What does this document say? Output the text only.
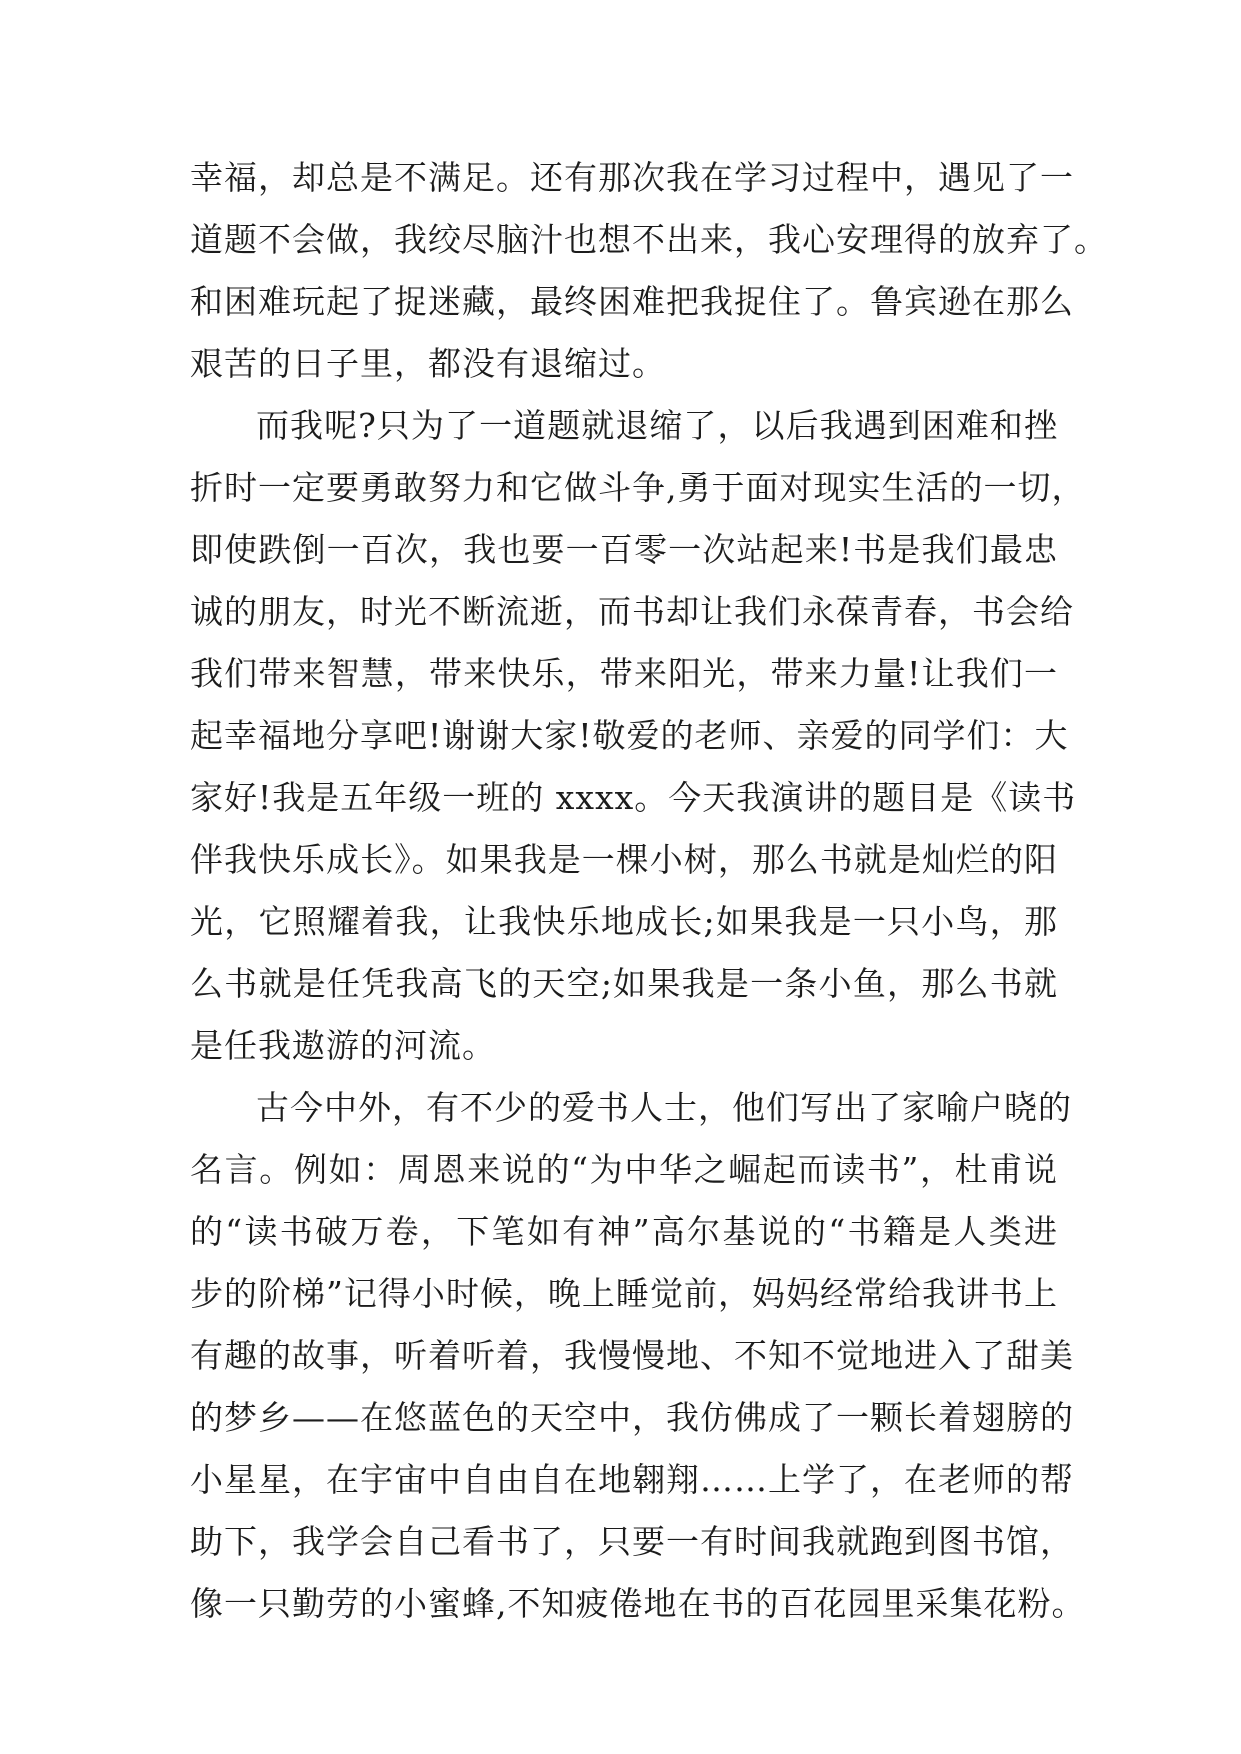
幸福，却总是不满足。还有那次我在学习过程中，遇见了一
道题不会做，我绞尽脑汁也想不出来，我心安理得的放弃了。
和困难玩起了捉迷藏，最终困难把我捉住了。鲁宾逊在那么
艰苦的日子里，都没有退缩过。
而我呢?只为了一道题就退缩了，以后我遇到困难和挫
折时一定要勇敢努力和它做斗争,勇于面对现实生活的一切，
即使跌倒一百次，我也要一百零一次站起来!书是我们最忠
诚的朋友，时光不断流逝，而书却让我们永葆青春，书会给
我们带来智慧，带来快乐，带来阳光，带来力量!让我们一
起幸福地分享吧!谢谢大家!敬爱的老师、亲爱的同学们：大
家好!我是五年级一班的 xxxx。今天我演讲的题目是《读书
伴我快乐成长》。如果我是一棵小树，那么书就是灿烂的阳
光，它照耀着我，让我快乐地成长;如果我是一只小鸟，那
么书就是任凭我高飞的天空;如果我是一条小鱼，那么书就
是任我遨游的河流。
古今中外，有不少的爱书人士，他们写出了家喻户晓的
名言。例如：周恩来说的“为中华之崛起而读书”，杜甫说
的“读书破万卷，下笔如有神”高尔基说的“书籍是人类进
步的阶梯”记得小时候，晚上睡觉前，妈妈经常给我讲书上
有趣的故事，听着听着，我慢慢地、不知不觉地进入了甜美
的梦乡——在悠蓝色的天空中，我仿佛成了一颗长着翅膀的
小星星，在宇宙中自由自在地翱翔……上学了，在老师的帮
助下，我学会自己看书了，只要一有时间我就跑到图书馆，
像一只勤劳的小蜜蜂,不知疲倦地在书的百花园里采集花粉。
